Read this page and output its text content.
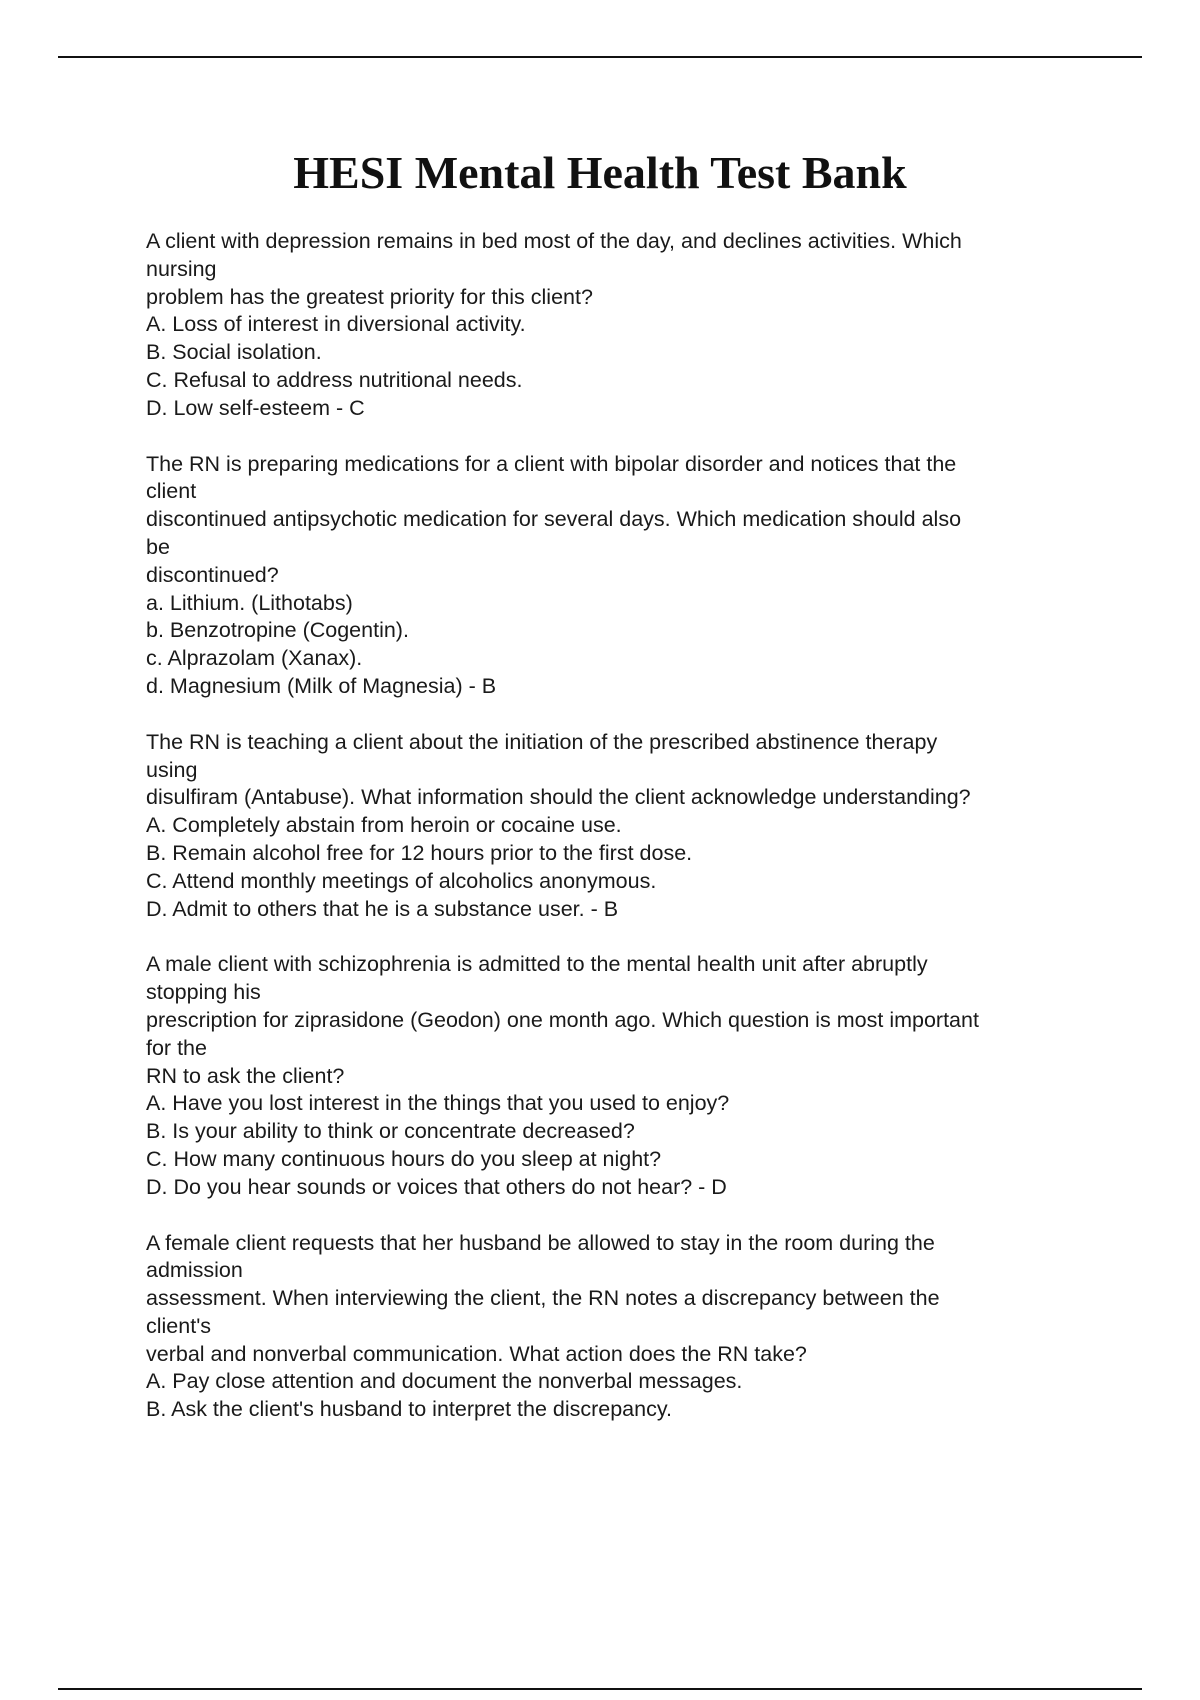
HESI Mental Health Test Bank
A client with depression remains in bed most of the day, and declines activities. Which
nursing
problem has the greatest priority for this client?
A. Loss of interest in diversional activity.
B. Social isolation.
C. Refusal to address nutritional needs.
D. Low self-esteem - C
The RN is preparing medications for a client with bipolar disorder and notices that the
client
discontinued antipsychotic medication for several days. Which medication should also
be
discontinued?
a. Lithium. (Lithotabs)
b. Benzotropine (Cogentin).
c. Alprazolam (Xanax).
d. Magnesium (Milk of Magnesia) - B
The RN is teaching a client about the initiation of the prescribed abstinence therapy
using
disulfiram (Antabuse). What information should the client acknowledge understanding?
A. Completely abstain from heroin or cocaine use.
B. Remain alcohol free for 12 hours prior to the first dose.
C. Attend monthly meetings of alcoholics anonymous.
D. Admit to others that he is a substance user. - B
A male client with schizophrenia is admitted to the mental health unit after abruptly
stopping his
prescription for ziprasidone (Geodon) one month ago. Which question is most important
for the
RN to ask the client?
A. Have you lost interest in the things that you used to enjoy?
B. Is your ability to think or concentrate decreased?
C. How many continuous hours do you sleep at night?
D. Do you hear sounds or voices that others do not hear? - D
A female client requests that her husband be allowed to stay in the room during the
admission
assessment. When interviewing the client, the RN notes a discrepancy between the
client's
verbal and nonverbal communication. What action does the RN take?
A. Pay close attention and document the nonverbal messages.
B. Ask the client's husband to interpret the discrepancy.
